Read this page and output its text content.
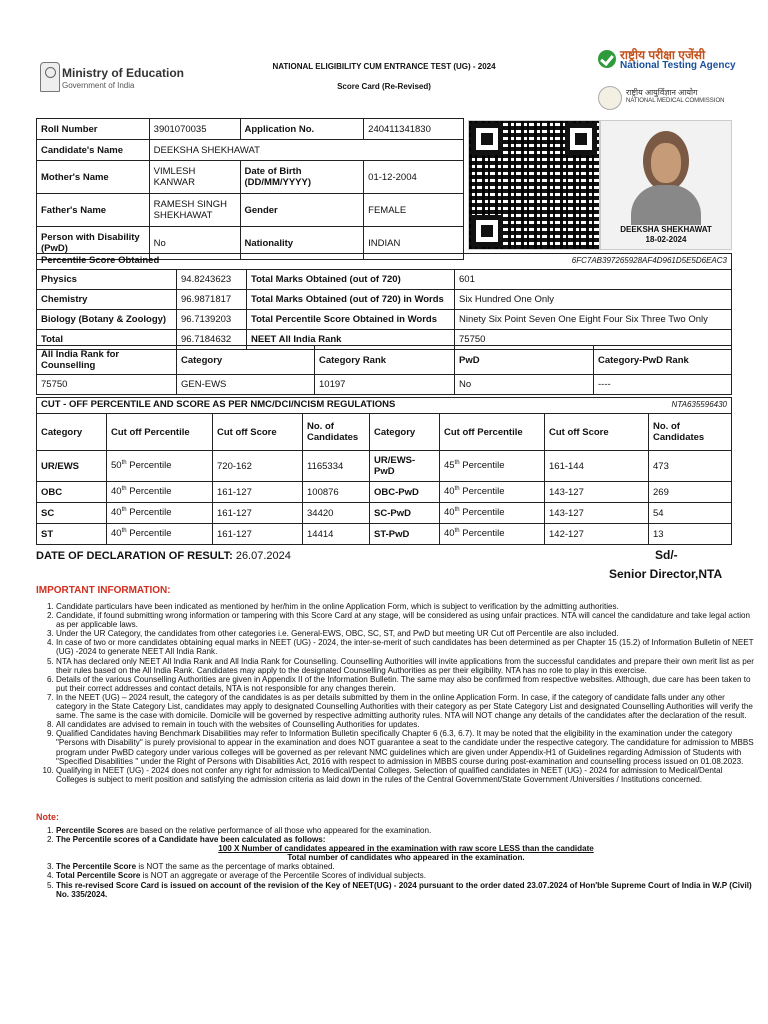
Ministry of Education
Government of India
NATIONAL ELIGIBILITY CUM ENTRANCE TEST (UG) - 2024
Score Card (Re-Revised)
राष्ट्रीय परीक्षा एजेंसी
National Testing Agency
राष्ट्रीय आयुर्विज्ञान आयोग
NATIONAL MEDICAL COMMISSION
Roll Number	3901070035	Application No.	240411341830
Candidate's Name	DEEKSHA SHEKHAWAT		
Mother's Name	VIMLESH KANWAR	Date of Birth (DD/MM/YYYY)	01-12-2004
Father's Name	RAMESH SINGH SHEKHAWAT	Gender	FEMALE
Person with Disability (PwD)	No	Nationality	INDIAN
DEEKSHA SHEKHAWAT
18-02-2024
Percentile Score Obtained	6FC7AB397265928AF4D961D5E5D6EAC3
Physics	94.8243623	Total Marks Obtained (out of 720)	601
Chemistry	96.9871817	Total Marks Obtained (out of 720) in Words	Six Hundred One Only
Biology (Botany & Zoology)	96.7139203	Total Percentile Score Obtained in Words	Ninety Six Point Seven One Eight Four Six Three Two Only
Total	96.7184632	NEET All India Rank	75750
All India Rank for Counselling	Category	Category Rank	PwD	Category-PwD Rank
75750	GEN-EWS	10197	No	----
CUT - OFF PERCENTILE AND SCORE AS PER NMC/DCI/NCISM REGULATIONS	NTA635596430
Category	Cut off Percentile	Cut off Score	No. of Candidates	Category	Cut off Percentile	Cut off Score	No. of Candidates
UR/EWS	50th Percentile	720-162	1165334	UR/EWS-PwD	45th Percentile	161-144	473
OBC	40th Percentile	161-127	100876	OBC-PwD	40th Percentile	143-127	269
SC	40th Percentile	161-127	34420	SC-PwD	40th Percentile	143-127	54
ST	40th Percentile	161-127	14414	ST-PwD	40th Percentile	142-127	13
DATE OF DECLARATION OF RESULT: 26.07.2024	Sd/-
Senior Director,NTA
IMPORTANT INFORMATION:
1. Candidate particulars have been indicated as mentioned by her/him in the online Application Form, which is subject to verification by the admitting authorities.
2. Candidate, if found submitting wrong information or tampering with this Score Card at any stage, will be considered as using unfair practices. NTA will cancel the candidature and take legal action as per applicable laws.
3. Under the UR Category, the candidates from other categories i.e. General-EWS, OBC, SC, ST, and PwD but meeting UR Cut off Percentile are also included.
4. In case of two or more candidates obtaining equal marks in NEET (UG) - 2024, the inter-se-merit of such candidates has been determined as per Chapter 15 (15.2) of Information Bulletin of NEET (UG) -2024 to generate NEET All India Rank.
5. NTA has declared only NEET All India Rank and All India Rank for Counselling. Counselling Authorities will invite applications from the successful candidates and prepare their own merit list as per their rules based on the All India Rank. Candidates may apply to the designated Counselling Authorities as per their eligibility. NTA has no role to play in this exercise.
6. Details of the various Counselling Authorities are given in Appendix II of the Information Bulletin. The same may also be confirmed from respective websites. Although, due care has been taken to put their correct addresses and contact details, NTA is not responsible for any changes therein.
7. In the NEET (UG) – 2024 result, the category of the candidates is as per details submitted by them in the online Application Form. In case, if the category of candidate falls under any other category in the State Category List, candidates may apply to designated Counselling Authorities with their category as per State Category List and designated Counselling Authorities will verify the same. The same is the case with domicile. Domicile will be governed by respective admitting authority rules. NTA will NOT change any details of the candidates after the declaration of the result.
8. All candidates are advised to remain in touch with the websites of Counselling Authorities for updates.
9. Qualified Candidates having Benchmark Disabilities may refer to Information Bulletin specifically Chapter 6 (6.3, 6.7). It may be noted that the eligibility in the examination under the category "Persons with Disability" is purely provisional to appear in the examination and does NOT guarantee a seat to the candidate under the respective category. The candidature for admission to MBBS program under PwBD category under various colleges will be governed as per relevant NMC guidelines which are given under Appendix-H1 of Guidelines regarding Admission of Students with "Specified Disabilities " under the Right of Persons with Disabilities Act, 2016 with respect to admission in MBBS course during post-examination and counselling process issued on 01.08.2023.
10. Qualifying in NEET (UG) - 2024 does not confer any right for admission to Medical/Dental Colleges. Selection of qualified candidates in NEET (UG) - 2024 for admission to Medical/Dental Colleges is subject to merit position and satisfying the admission criteria as laid down in the rules of the Central Government/State Government /Universities / Institutions concerned.
Note:
1. Percentile Scores are based on the relative performance of all those who appeared for the examination.
2. The Percentile scores of a Candidate have been calculated as follows:
100 X Number of candidates appeared in the examination with raw score LESS than the candidate
Total number of candidates who appeared in the examination.
3. The Percentile Score is NOT the same as the percentage of marks obtained.
4. Total Percentile Score is NOT an aggregate or average of the Percentile Scores of individual subjects.
5. This re-revised Score Card is issued on account of the revision of the Key of NEET(UG) - 2024 pursuant to the order dated 23.07.2024 of Hon'ble Supreme Court of India in W.P (Civil) No. 335/2024.
